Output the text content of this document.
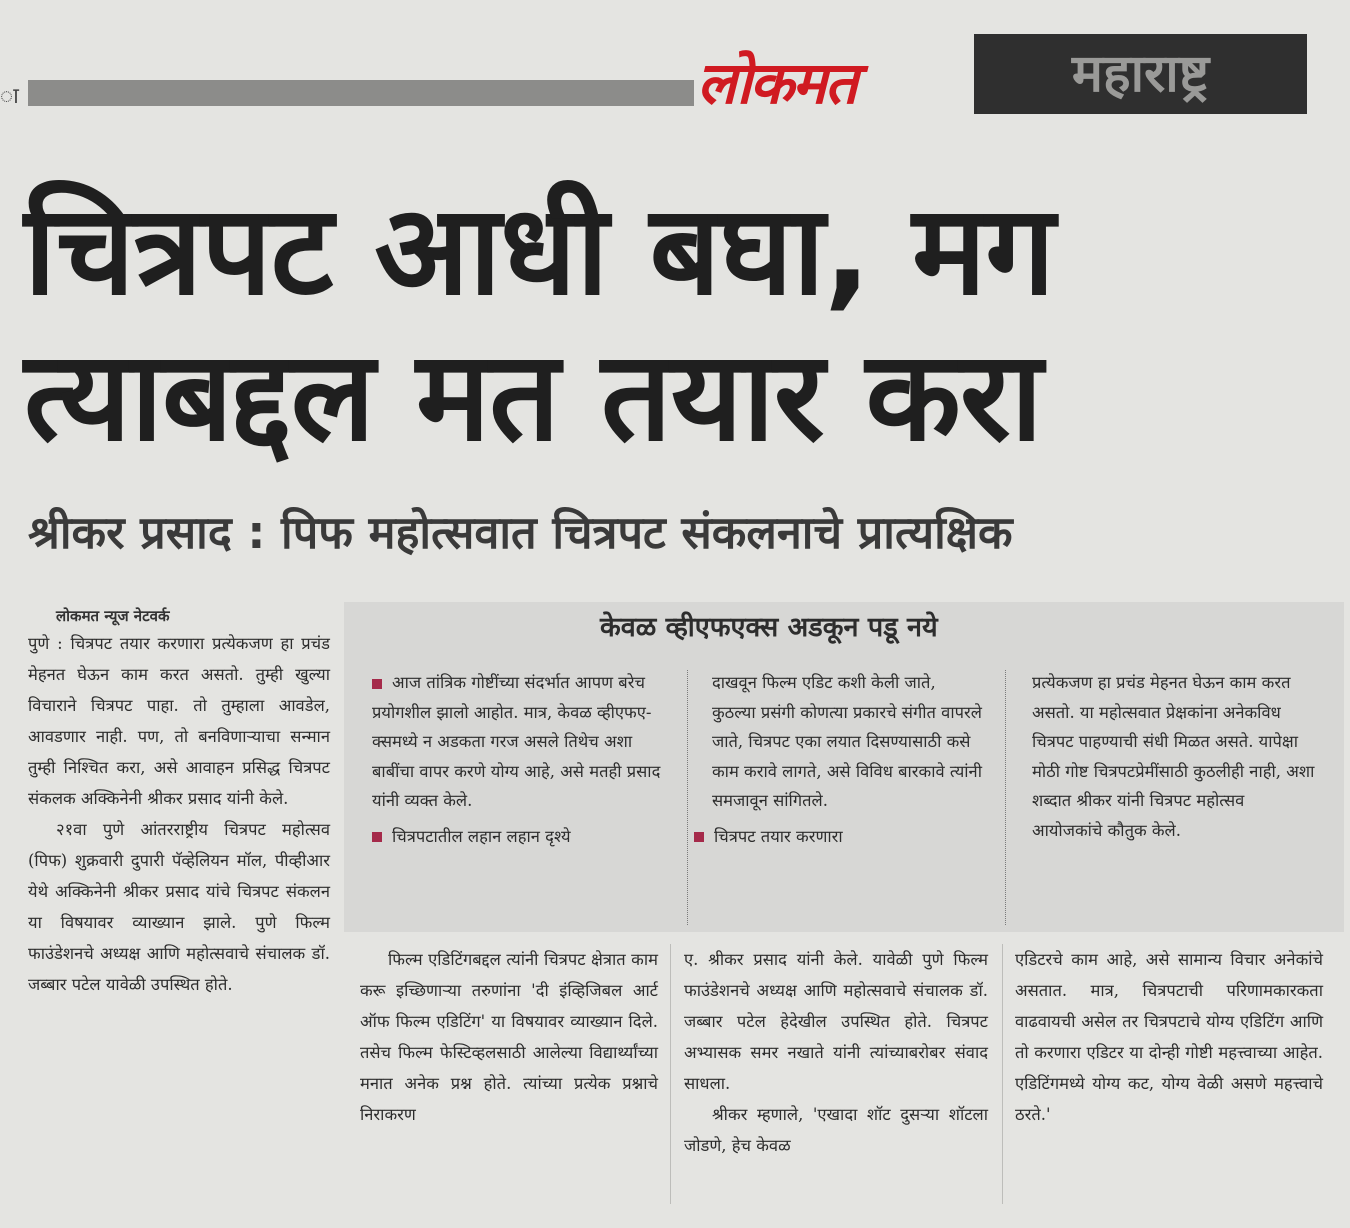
ा	लोकमत	महाराष्ट्र
चित्रपट आधी बघा, मग
त्याबद्दल मत तयार करा
श्रीकर प्रसाद : पिफ महोत्सवात चित्रपट संकलनाचे प्रात्यक्षिक
लोकमत न्यूज नेटवर्क

पुणे : चित्रपट तयार करणारा प्रत्येकजण हा प्रचंड मेहनत घेऊन काम करत असतो. तुम्ही खुल्या विचाराने चित्रपट पाहा. तो तुम्हाला आवडेल, आवडणार नाही. पण, तो बनविणाऱ्याचा सन्मान तुम्ही निश्चित करा, असे आवाहन प्रसिद्ध चित्रपट संकलक अक्किनेनी श्रीकर प्रसाद यांनी केले.

२१वा पुणे आंतरराष्ट्रीय चित्रपट महोत्सव (पिफ) शुक्रवारी दुपारी पॅव्हेलियन मॉल, पीव्हीआर येथे अक्किनेनी श्रीकर प्रसाद यांचे चित्रपट संकलन या विषयावर व्याख्यान झाले. पुणे फिल्म फाउंडेशनचे अध्यक्ष आणि महोत्सवाचे संचालक डॉ. जब्बार पटेल यावेळी उपस्थित होते.

केवळ व्हीएफएक्स अडकून पडू नये
आज तांत्रिक गोष्टींच्या संदर्भात आपण बरेच प्रयोगशील झालो आहोत. मात्र, केवळ व्हीएफए-क्समध्ये न अडकता गरज असले तिथेच अशा बाबींचा वापर करणे योग्य आहे, असे मतही प्रसाद यांनी व्यक्त केले.
चित्रपटातील लहान लहान दृश्ये
दाखवून फिल्म एडिट कशी केली जाते, कुठल्या प्रसंगी कोणत्या प्रकारचे संगीत वापरले जाते, चित्रपट एका लयात दिसण्यासाठी कसे काम करावे लागते, असे विविध बारकावे त्यांनी समजावून सांगितले.
चित्रपट तयार करणारा
प्रत्येकजण हा प्रचंड मेहनत घेऊन काम करत असतो. या महोत्सवात प्रेक्षकांना अनेकविध चित्रपट पाहण्याची संधी मिळत असते. यापेक्षा मोठी गोष्ट चित्रपटप्रेमींसाठी कुठलीही नाही, अशा शब्दात श्रीकर यांनी चित्रपट महोत्सव आयोजकांचे कौतुक केले.

फिल्म एडिटिंगबद्दल त्यांनी चित्रपट क्षेत्रात काम करू इच्छिणाऱ्या तरुणांना 'दी इंव्हिजिबल आर्ट ऑफ फिल्म एडिटिंग' या विषयावर व्याख्यान दिले. तसेच फिल्म फेस्टिव्हलसाठी आलेल्या विद्यार्थ्यांच्या मनात अनेक प्रश्न होते. त्यांच्या प्रत्येक प्रश्नाचे निराकरण

ए. श्रीकर प्रसाद यांनी केले. यावेळी पुणे फिल्म फाउंडेशनचे अध्यक्ष आणि महोत्सवाचे संचालक डॉ. जब्बार पटेल हेदेखील उपस्थित होते. चित्रपट अभ्यासक समर नखाते यांनी त्यांच्याबरोबर संवाद साधला.

श्रीकर म्हणाले, 'एखादा शॉट दुसऱ्या शॉटला जोडणे, हेच केवळ

एडिटरचे काम आहे, असे सामान्य विचार अनेकांचे असतात. मात्र, चित्रपटाची परिणामकारकता वाढवायची असेल तर चित्रपटाचे योग्य एडिटिंग आणि तो करणारा एडिटर या दोन्ही गोष्टी महत्त्वाच्या आहेत. एडिटिंगमध्ये योग्य कट, योग्य वेळी असणे महत्त्वाचे ठरते.'
